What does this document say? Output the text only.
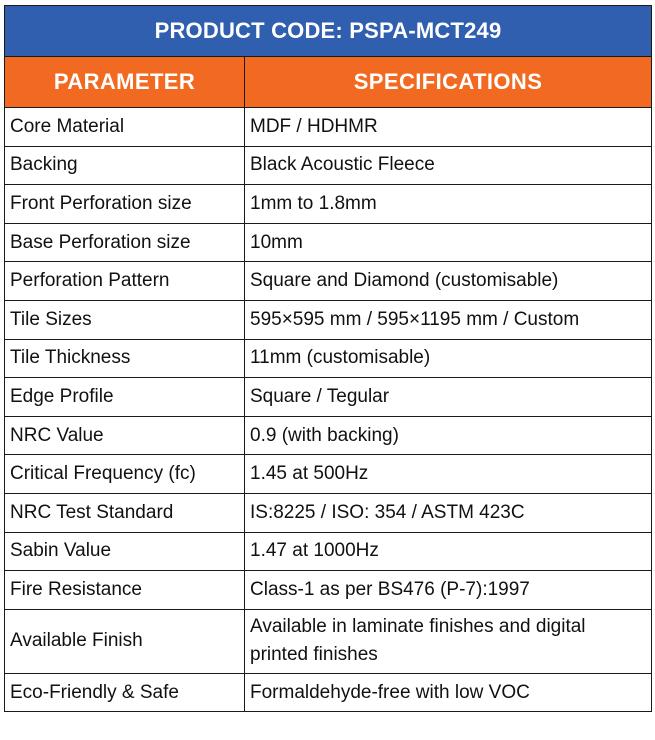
PRODUCT CODE: PSPA-MCT249	
PARAMETER	SPECIFICATIONS
Core Material	MDF / HDHMR
Backing	Black Acoustic Fleece
Front Perforation size	1mm to 1.8mm
Base Perforation size	10mm
Perforation Pattern	Square and Diamond (customisable)
Tile Sizes	595×595 mm / 595×1195 mm / Custom
Tile Thickness	11mm (customisable)
Edge Profile	Square / Tegular
NRC Value	0.9 (with backing)
Critical Frequency (fc)	1.45 at 500Hz
NRC Test Standard	IS:8225 / ISO: 354 / ASTM 423C
Sabin Value	1.47 at 1000Hz
Fire Resistance	Class-1 as per BS476 (P-7):1997
Available Finish	Available in laminate finishes and digital printed finishes
Eco-Friendly & Safe	Formaldehyde-free with low VOC
